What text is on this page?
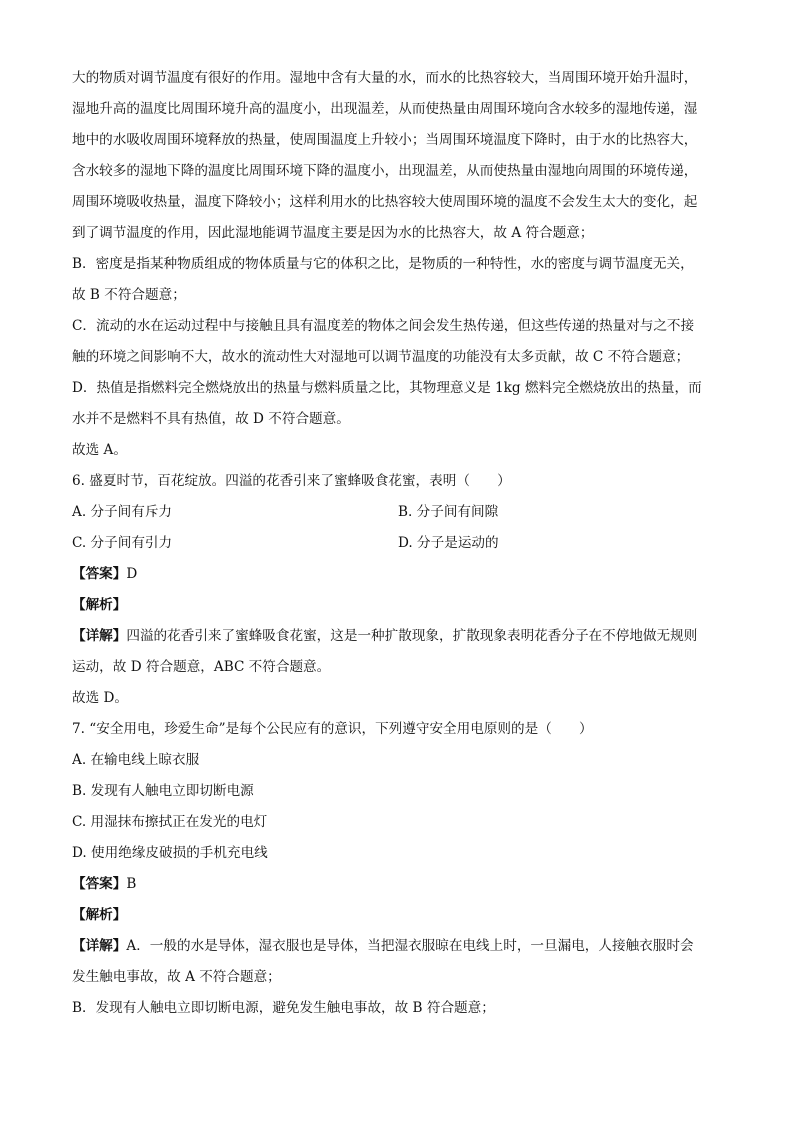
大的物质对调节温度有很好的作用。湿地中含有大量的水，而水的比热容较大，当周围环境开始升温时，
湿地升高的温度比周围环境升高的温度小，出现温差，从而使热量由周围环境向含水较多的湿地传递，湿
地中的水吸收周围环境释放的热量，使周围温度上升较小；当周围环境温度下降时，由于水的比热容大，
含水较多的湿地下降的温度比周围环境下降的温度小，出现温差，从而使热量由湿地向周围的环境传递，
周围环境吸收热量，温度下降较小；这样利用水的比热容较大使周围环境的温度不会发生太大的变化，起
到了调节温度的作用，因此湿地能调节温度主要是因为水的比热容大，故 A 符合题意；
B．密度是指某种物质组成的物体质量与它的体积之比，是物质的一种特性，水的密度与调节温度无关，
故 B 不符合题意；
C．流动的水在运动过程中与接触且具有温度差的物体之间会发生热传递，但这些传递的热量对与之不接
触的环境之间影响不大，故水的流动性大对湿地可以调节温度的功能没有太多贡献，故 C 不符合题意；
D．热值是指燃料完全燃烧放出的热量与燃料质量之比，其物理意义是 1kg 燃料完全燃烧放出的热量，而
水并不是燃料不具有热值，故 D 不符合题意。
故选 A。
6. 盛夏时节，百花绽放。四溢的花香引来了蜜蜂吸食花蜜，表明（　　）
A. 分子间有斥力	B. 分子间有间隙
C. 分子间有引力	D. 分子是运动的
【答案】D
【解析】
【详解】四溢的花香引来了蜜蜂吸食花蜜，这是一种扩散现象，扩散现象表明花香分子在不停地做无规则
运动，故 D 符合题意，ABC 不符合题意。
故选 D。
7. “安全用电，珍爱生命”是每个公民应有的意识，下列遵守安全用电原则的是（　　）
A. 在输电线上晾衣服
B. 发现有人触电立即切断电源
C. 用湿抹布擦拭正在发光的电灯
D. 使用绝缘皮破损的手机充电线
【答案】B
【解析】
【详解】A．一般的水是导体，湿衣服也是导体，当把湿衣服晾在电线上时，一旦漏电，人接触衣服时会
发生触电事故，故 A 不符合题意；
B．发现有人触电立即切断电源，避免发生触电事故，故 B 符合题意；
